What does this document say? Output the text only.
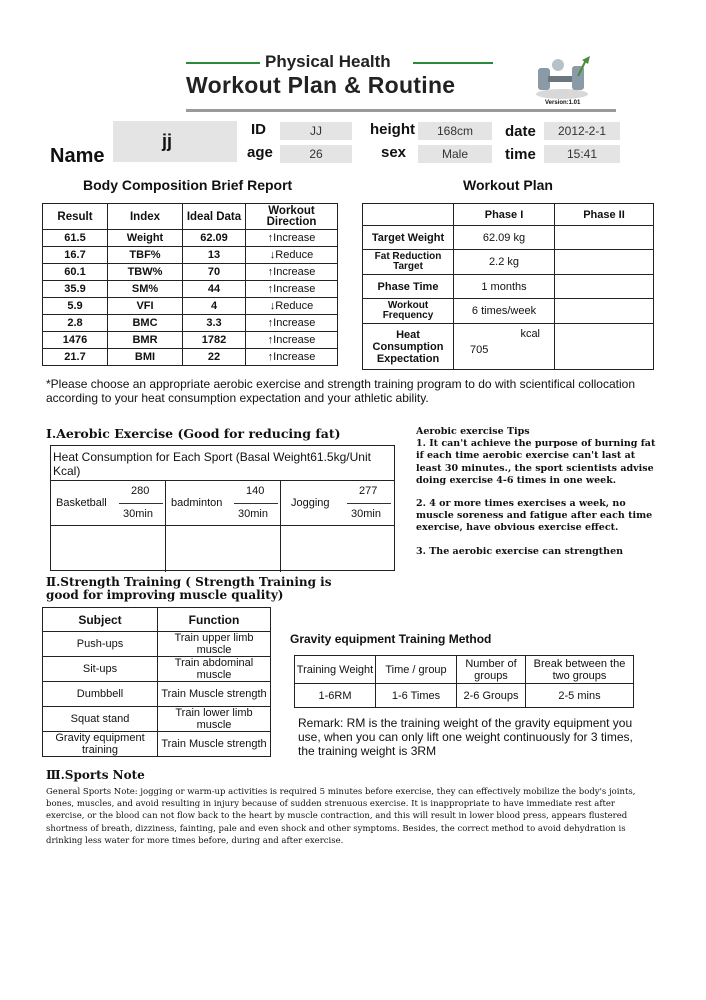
Physical Health
Workout Plan & Routine
Version:1.01
Name
jj
ID	JJ
age	26
height	168cm
sex	Male
date	2012-2-1
time	15:41
Body Composition Brief Report
Result	Index	Ideal Data	Workout Direction
61.5	Weight	62.09	↑Increase
16.7	TBF%	13	↓Reduce
60.1	TBW%	70	↑Increase
35.9	SM%	44	↑Increase
5.9	VFI	4	↓Reduce
2.8	BMC	3.3	↑Increase
1476	BMR	1782	↑Increase
21.7	BMI	22	↑Increase
Workout Plan
	Phase I	Phase II
Target Weight	62.09 kg	
Fat Reduction Target	2.2 kg	
Phase Time	1 months	
Workout Frequency	6 times/week	
Heat Consumption Expectation	kcal
705	

*Please choose an appropriate aerobic exercise and strength training program to do with scientifical collocation according to your heat consumption expectation and your athletic ability.
Ⅰ.Aerobic Exercise (Good for reducing fat)
Heat Consumption for Each Sport (Basal Weight61.5kg/Unit Kcal)
Basketball
280
30min
badminton
140
30min
Jogging
277
30min
Aerobic exercise Tips
1. It can't achieve the purpose of burning fat if each time aerobic exercise can't last at least 30 minutes., the sport scientists advise doing exercise 4-6 times in one week.
2. 4 or more times exercises a week, no muscle soreness and fatigue after each time exercise, have obvious exercise effect.
3. The aerobic exercise can strengthen
Ⅱ.Strength Training ( Strength Training is good for improving muscle quality)
Subject	Function
Push-ups	Train upper limb muscle
Sit-ups	Train abdominal muscle
Dumbbell	Train Muscle strength
Squat stand	Train lower limb muscle
Gravity equipment training	Train Muscle strength
Gravity equipment Training Method
Training Weight	Time / group	Number of groups	Break between the two groups
1-6RM	1-6 Times	2-6 Groups	2-5 mins
Remark: RM is the training weight of the gravity equipment you use, when you can only lift one weight continuously for 3 times, the training weight is 3RM
Ⅲ.Sports Note
General Sports Note: jogging or warm-up activities is required 5 minutes before exercise, they can effectively mobilize the body's joints, bones, muscles, and avoid resulting in injury because of sudden strenuous exercise. It is inappropriate to have immediate rest after exercise, or the blood can not flow back to the heart by muscle contraction, and this will result in lower blood press, appears flustered shortness of breath, dizziness, fainting, pale and even shock and other symptoms. Besides, the correct method to avoid dehydration is drinking less water for more times before, during and after exercise.
